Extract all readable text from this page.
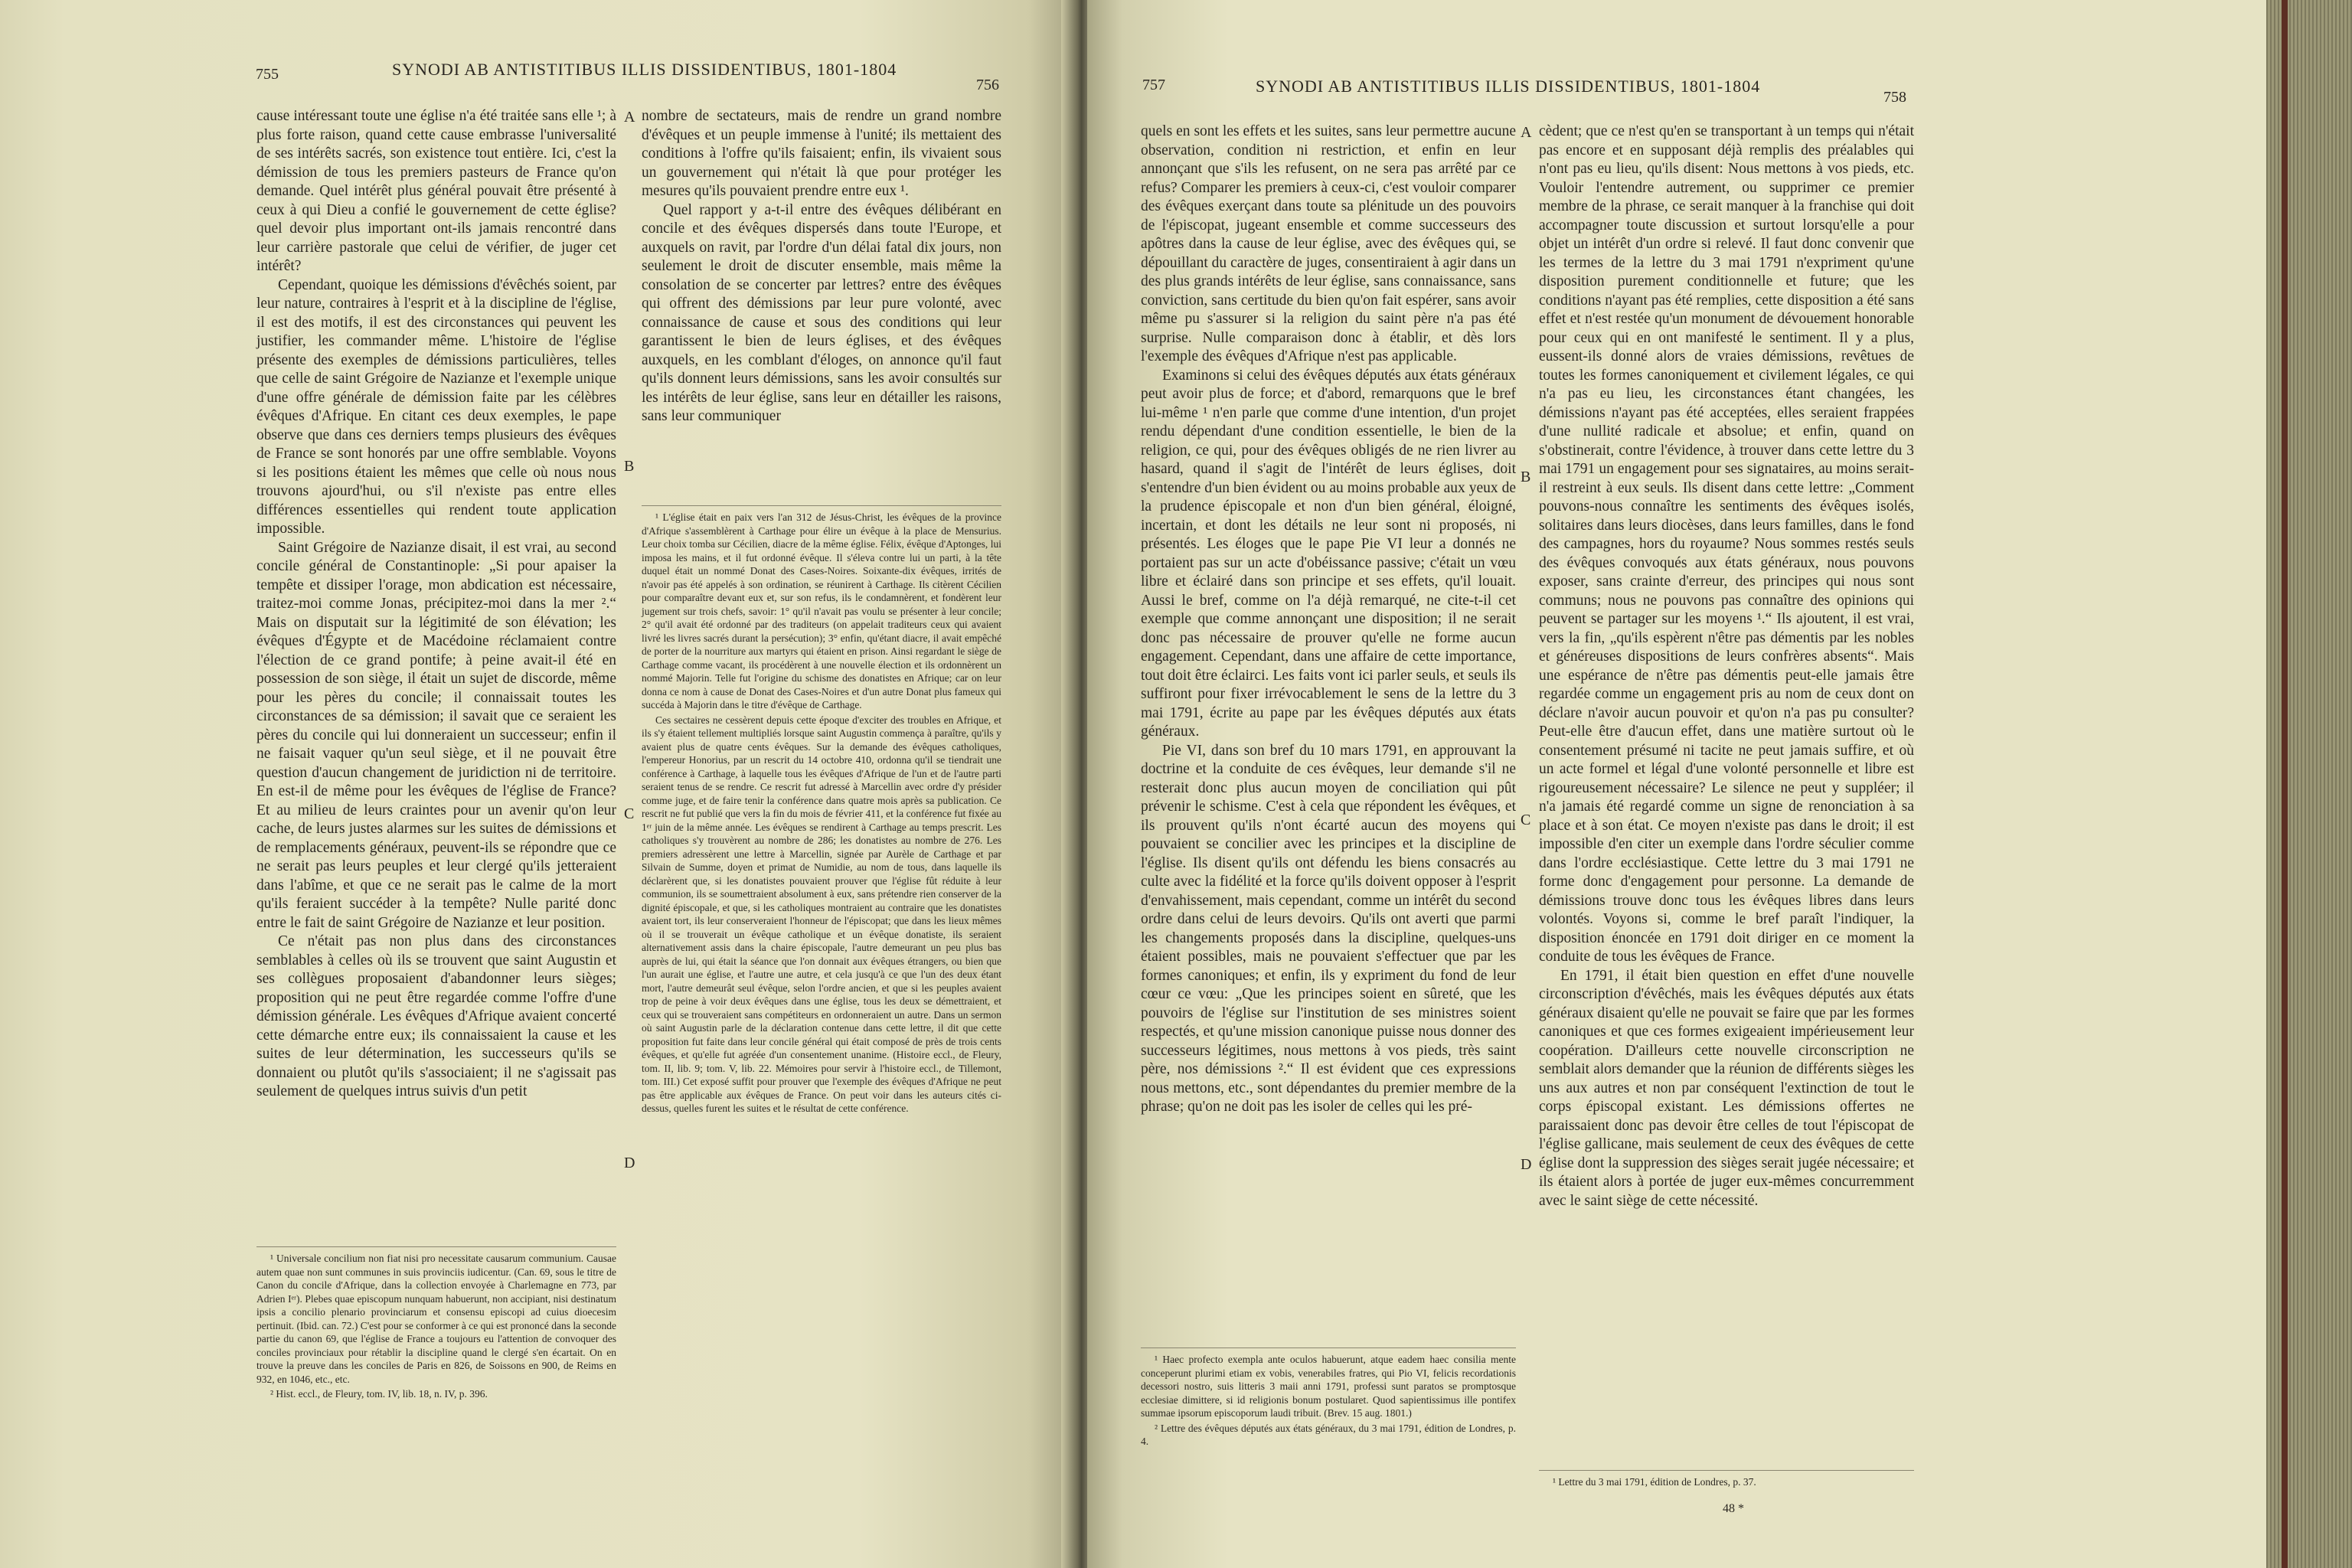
755	SYNODI AB ANTISTITIBUS ILLIS DISSIDENTIBUS, 1801-1804
756

cause intéressant toute une église n'a été traitée sans elle ¹; à plus forte raison, quand cette cause embrasse l'universalité de ses intérêts sacrés, son existence tout entière. Ici, c'est la démission de tous les premiers pasteurs de France qu'on demande. Quel intérêt plus général pouvait être présenté à ceux à qui Dieu a confié le gouvernement de cette église? quel devoir plus important ont-ils jamais rencontré dans leur carrière pastorale que celui de vérifier, de juger cet intérêt?

Cependant, quoique les démissions d'évêchés soient, par leur nature, contraires à l'esprit et à la discipline de l'église, il est des motifs, il est des circonstances qui peuvent les justifier, les commander même. L'histoire de l'église présente des exemples de démissions particulières, telles que celle de saint Grégoire de Nazianze et l'exemple unique d'une offre générale de démission faite par les célèbres évêques d'Afrique. En citant ces deux exemples, le pape observe que dans ces derniers temps plusieurs des évêques de France se sont honorés par une offre semblable. Voyons si les positions étaient les mêmes que celle où nous nous trouvons ajourd'hui, ou s'il n'existe pas entre elles différences essentielles qui rendent toute application impossible.

Saint Grégoire de Nazianze disait, il est vrai, au second concile général de Constantinople: „Si pour apaiser la tempête et dissiper l'orage, mon abdication est nécessaire, traitez-moi comme Jonas, précipitez-moi dans la mer ².“ Mais on disputait sur la légitimité de son élévation; les évêques d'Égypte et de Macédoine réclamaient contre l'élection de ce grand pontife; à peine avait-il été en possession de son siège, il était un sujet de discorde, même pour les pères du concile; il connaissait toutes les circonstances de sa démission; il savait que ce seraient les pères du concile qui lui donneraient un successeur; enfin il ne faisait vaquer qu'un seul siège, et il ne pouvait être question d'aucun changement de juridiction ni de territoire. En est-il de même pour les évêques de l'église de France? Et au milieu de leurs craintes pour un avenir qu'on leur cache, de leurs justes alarmes sur les suites de démissions et de remplacements généraux, peuvent-ils se répondre que ce ne serait pas leurs peuples et leur clergé qu'ils jetteraient dans l'abîme, et que ce ne serait pas le calme de la mort qu'ils feraient succéder à la tempête? Nulle parité donc entre le fait de saint Grégoire de Nazianze et leur position.

Ce n'était pas non plus dans des circonstances semblables à celles où ils se trouvent que saint Augustin et ses collègues proposaient d'abandonner leurs sièges; proposition qui ne peut être regardée comme l'offre d'une démission générale. Les évêques d'Afrique avaient concerté cette démarche entre eux; ils connaissaient la cause et les suites de leur détermination, les successeurs qu'ils se donnaient ou plutôt qu'ils s'associaient; il ne s'agissait pas seulement de quelques intrus suivis d'un petit

¹ Universale concilium non fiat nisi pro necessitate causarum communium. Causae autem quae non sunt communes in suis provinciis iudicentur. (Can. 69, sous le titre de Canon du concile d'Afrique, dans la collection envoyée à Charlemagne en 773, par Adrien Iᵉʳ). Plebes quae episcopum nunquam habuerunt, non accipiant, nisi destinatum ipsis a concilio plenario provinciarum et consensu episcopi ad cuius dioecesim pertinuit. (Ibid. can. 72.) C'est pour se conformer à ce qui est prononcé dans la seconde partie du canon 69, que l'église de France a toujours eu l'attention de convoquer des conciles provinciaux pour rétablir la discipline quand le clergé s'en écartait. On en trouve la preuve dans les conciles de Paris en 826, de Soissons en 900, de Reims en 932, en 1046, etc., etc.

² Hist. eccl., de Fleury, tom. IV, lib. 18, n. IV, p. 396.

nombre de sectateurs, mais de rendre un grand nombre d'évêques et un peuple immense à l'unité; ils mettaient des conditions à l'offre qu'ils faisaient; enfin, ils vivaient sous un gouvernement qui n'était là que pour protéger les mesures qu'ils pouvaient prendre entre eux ¹.

Quel rapport y a-t-il entre des évêques délibérant en concile et des évêques dispersés dans toute l'Europe, et auxquels on ravit, par l'ordre d'un délai fatal dix jours, non seulement le droit de discuter ensemble, mais même la consolation de se concerter par lettres? entre des évêques qui offrent des démissions par leur pure volonté, avec connaissance de cause et sous des conditions qui leur garantissent le bien de leurs églises, et des évêques auxquels, en les comblant d'éloges, on annonce qu'il faut qu'ils donnent leurs démissions, sans les avoir consultés sur les intérêts de leur église, sans leur en détailler les raisons, sans leur communiquer

¹ L'église était en paix vers l'an 312 de Jésus-Christ, les évêques de la province d'Afrique s'assemblèrent à Carthage pour élire un évêque à la place de Mensurius. Leur choix tomba sur Cécilien, diacre de la même église. Félix, évêque d'Aptonges, lui imposa les mains, et il fut ordonné évêque. Il s'éleva contre lui un parti, à la tête duquel était un nommé Donat des Cases-Noires. Soixante-dix évêques, irrités de n'avoir pas été appelés à son ordination, se réunirent à Carthage. Ils citèrent Cécilien pour comparaître devant eux et, sur son refus, ils le condamnèrent, et fondèrent leur jugement sur trois chefs, savoir: 1° qu'il n'avait pas voulu se présenter à leur concile; 2° qu'il avait été ordonné par des traditeurs (on appelait traditeurs ceux qui avaient livré les livres sacrés durant la persécution); 3° enfin, qu'étant diacre, il avait empêché de porter de la nourriture aux martyrs qui étaient en prison. Ainsi regardant le siège de Carthage comme vacant, ils procédèrent à une nouvelle élection et ils ordonnèrent un nommé Majorin. Telle fut l'origine du schisme des donatistes en Afrique; car on leur donna ce nom à cause de Donat des Cases-Noires et d'un autre Donat plus fameux qui succéda à Majorin dans le titre d'évêque de Carthage.

Ces sectaires ne cessèrent depuis cette époque d'exciter des troubles en Afrique, et ils s'y étaient tellement multipliés lorsque saint Augustin commença à paraître, qu'ils y avaient plus de quatre cents évêques. Sur la demande des évêques catholiques, l'empereur Honorius, par un rescrit du 14 octobre 410, ordonna qu'il se tiendrait une conférence à Carthage, à laquelle tous les évêques d'Afrique de l'un et de l'autre parti seraient tenus de se rendre. Ce rescrit fut adressé à Marcellin avec ordre d'y présider comme juge, et de faire tenir la conférence dans quatre mois après sa publication. Ce rescrit ne fut publié que vers la fin du mois de février 411, et la conférence fut fixée au 1ᵉʳ juin de la même année. Les évêques se rendirent à Carthage au temps prescrit. Les catholiques s'y trouvèrent au nombre de 286; les donatistes au nombre de 276. Les premiers adressèrent une lettre à Marcellin, signée par Aurèle de Carthage et par Silvain de Summe, doyen et primat de Numidie, au nom de tous, dans laquelle ils déclarèrent que, si les donatistes pouvaient prouver que l'église fût réduite à leur communion, ils se soumettraient absolument à eux, sans prétendre rien conserver de la dignité épiscopale, et que, si les catholiques montraient au contraire que les donatistes avaient tort, ils leur conserveraient l'honneur de l'épiscopat; que dans les lieux mêmes où il se trouverait un évêque catholique et un évêque donatiste, ils seraient alternativement assis dans la chaire épiscopale, l'autre demeurant un peu plus bas auprès de lui, qui était la séance que l'on donnait aux évêques étrangers, ou bien que l'un aurait une église, et l'autre une autre, et cela jusqu'à ce que l'un des deux étant mort, l'autre demeurât seul évêque, selon l'ordre ancien, et que si les peuples avaient trop de peine à voir deux évêques dans une église, tous les deux se démettraient, et ceux qui se trouveraient sans compétiteurs en ordonneraient un autre. Dans un sermon où saint Augustin parle de la déclaration contenue dans cette lettre, il dit que cette proposition fut faite dans leur concile général qui était composé de près de trois cents évêques, et qu'elle fut agréée d'un consentement unanime. (Histoire eccl., de Fleury, tom. II, lib. 9; tom. V, lib. 22. Mémoires pour servir à l'histoire eccl., de Tillemont, tom. III.) Cet exposé suffit pour prouver que l'exemple des évêques d'Afrique ne peut pas être applicable aux évêques de France. On peut voir dans les auteurs cités ci-dessus, quelles furent les suites et le résultat de cette conférence.

A
B
C
D
757	SYNODI AB ANTISTITIBUS ILLIS DISSIDENTIBUS, 1801-1804
758

quels en sont les effets et les suites, sans leur permettre aucune observation, condition ni restriction, et enfin en leur annonçant que s'ils les refusent, on ne sera pas arrêté par ce refus? Comparer les premiers à ceux-ci, c'est vouloir comparer des évêques exerçant dans toute sa plénitude un des pouvoirs de l'épiscopat, jugeant ensemble et comme successeurs des apôtres dans la cause de leur église, avec des évêques qui, se dépouillant du caractère de juges, consentiraient à agir dans un des plus grands intérêts de leur église, sans connaissance, sans conviction, sans certitude du bien qu'on fait espérer, sans avoir même pu s'assurer si la religion du saint père n'a pas été surprise. Nulle comparaison donc à établir, et dès lors l'exemple des évêques d'Afrique n'est pas applicable.

Examinons si celui des évêques députés aux états généraux peut avoir plus de force; et d'abord, remarquons que le bref lui-même ¹ n'en parle que comme d'une intention, d'un projet rendu dépendant d'une condition essentielle, le bien de la religion, ce qui, pour des évêques obligés de ne rien livrer au hasard, quand il s'agit de l'intérêt de leurs églises, doit s'entendre d'un bien évident ou au moins probable aux yeux de la prudence épiscopale et non d'un bien général, éloigné, incertain, et dont les détails ne leur sont ni proposés, ni présentés. Les éloges que le pape Pie VI leur a donnés ne portaient pas sur un acte d'obéissance passive; c'était un vœu libre et éclairé dans son principe et ses effets, qu'il louait. Aussi le bref, comme on l'a déjà remarqué, ne cite-t-il cet exemple que comme annonçant une disposition; il ne serait donc pas nécessaire de prouver qu'elle ne forme aucun engagement. Cependant, dans une affaire de cette importance, tout doit être éclairci. Les faits vont ici parler seuls, et seuls ils suffiront pour fixer irrévocablement le sens de la lettre du 3 mai 1791, écrite au pape par les évêques députés aux états généraux.

Pie VI, dans son bref du 10 mars 1791, en approuvant la doctrine et la conduite de ces évêques, leur demande s'il ne resterait donc plus aucun moyen de conciliation qui pût prévenir le schisme. C'est à cela que répondent les évêques, et ils prouvent qu'ils n'ont écarté aucun des moyens qui pouvaient se concilier avec les principes et la discipline de l'église. Ils disent qu'ils ont défendu les biens consacrés au culte avec la fidélité et la force qu'ils doivent opposer à l'esprit d'envahissement, mais cependant, comme un intérêt du second ordre dans celui de leurs devoirs. Qu'ils ont averti que parmi les changements proposés dans la discipline, quelques-uns étaient possibles, mais ne pouvaient s'effectuer que par les formes canoniques; et enfin, ils y expriment du fond de leur cœur ce vœu: „Que les principes soient en sûreté, que les pouvoirs de l'église sur l'institution de ses ministres soient respectés, et qu'une mission canonique puisse nous donner des successeurs légitimes, nous mettons à vos pieds, très saint père, nos démissions ².“ Il est évident que ces expressions nous mettons, etc., sont dépendantes du premier membre de la phrase; qu'on ne doit pas les isoler de celles qui les pré-

¹ Haec profecto exempla ante oculos habuerunt, atque eadem haec consilia mente conceperunt plurimi etiam ex vobis, venerabiles fratres, qui Pio VI, felicis recordationis decessori nostro, suis litteris 3 maii anni 1791, professi sunt paratos se promptosque ecclesiae dimittere, si id religionis bonum postularet. Quod sapientissimus ille pontifex summae ipsorum episcoporum laudi tribuit. (Brev. 15 aug. 1801.)

² Lettre des évêques députés aux états généraux, du 3 mai 1791, édition de Londres, p. 4.

cèdent; que ce n'est qu'en se transportant à un temps qui n'était pas encore et en supposant déjà remplis des préalables qui n'ont pas eu lieu, qu'ils disent: Nous mettons à vos pieds, etc. Vouloir l'entendre autrement, ou supprimer ce premier membre de la phrase, ce serait manquer à la franchise qui doit accompagner toute discussion et surtout lorsqu'elle a pour objet un intérêt d'un ordre si relevé. Il faut donc convenir que les termes de la lettre du 3 mai 1791 n'expriment qu'une disposition purement conditionnelle et future; que les conditions n'ayant pas été remplies, cette disposition a été sans effet et n'est restée qu'un monument de dévouement honorable pour ceux qui en ont manifesté le sentiment. Il y a plus, eussent-ils donné alors de vraies démissions, revêtues de toutes les formes canoniquement et civilement légales, ce qui n'a pas eu lieu, les circonstances étant changées, les démissions n'ayant pas été acceptées, elles seraient frappées d'une nullité radicale et absolue; et enfin, quand on s'obstinerait, contre l'évidence, à trouver dans cette lettre du 3 mai 1791 un engagement pour ses signataires, au moins serait-il restreint à eux seuls. Ils disent dans cette lettre: „Comment pouvons-nous connaître les sentiments des évêques isolés, solitaires dans leurs diocèses, dans leurs familles, dans le fond des campagnes, hors du royaume? Nous sommes restés seuls des évêques convoqués aux états généraux, nous pouvons exposer, sans crainte d'erreur, des principes qui nous sont communs; nous ne pouvons pas connaître des opinions qui peuvent se partager sur les moyens ¹.“ Ils ajoutent, il est vrai, vers la fin, „qu'ils espèrent n'être pas démentis par les nobles et généreuses dispositions de leurs confrères absents“. Mais une espérance de n'être pas démentis peut-elle jamais être regardée comme un engagement pris au nom de ceux dont on déclare n'avoir aucun pouvoir et qu'on n'a pas pu consulter? Peut-elle être d'aucun effet, dans une matière surtout où le consentement présumé ni tacite ne peut jamais suffire, et où un acte formel et légal d'une volonté personnelle et libre est rigoureusement nécessaire? Le silence ne peut y suppléer; il n'a jamais été regardé comme un signe de renonciation à sa place et à son état. Ce moyen n'existe pas dans le droit; il est impossible d'en citer un exemple dans l'ordre séculier comme dans l'ordre ecclésiastique. Cette lettre du 3 mai 1791 ne forme donc d'engagement pour personne. La demande de démissions trouve donc tous les évêques libres dans leurs volontés. Voyons si, comme le bref paraît l'indiquer, la disposition énoncée en 1791 doit diriger en ce moment la conduite de tous les évêques de France.

En 1791, il était bien question en effet d'une nouvelle circonscription d'évêchés, mais les évêques députés aux états généraux disaient qu'elle ne pouvait se faire que par les formes canoniques et que ces formes exigeaient impérieusement leur coopération. D'ailleurs cette nouvelle circonscription ne semblait alors demander que la réunion de différents sièges les uns aux autres et non par conséquent l'extinction de tout le corps épiscopal existant. Les démissions offertes ne paraissaient donc pas devoir être celles de tout l'épiscopat de l'église gallicane, mais seulement de ceux des évêques de cette église dont la suppression des sièges serait jugée nécessaire; et ils étaient alors à portée de juger eux-mêmes concurremment avec le saint siège de cette nécessité.

¹ Lettre du 3 mai 1791, édition de Londres, p. 37.

48 *
A
B
C
D
